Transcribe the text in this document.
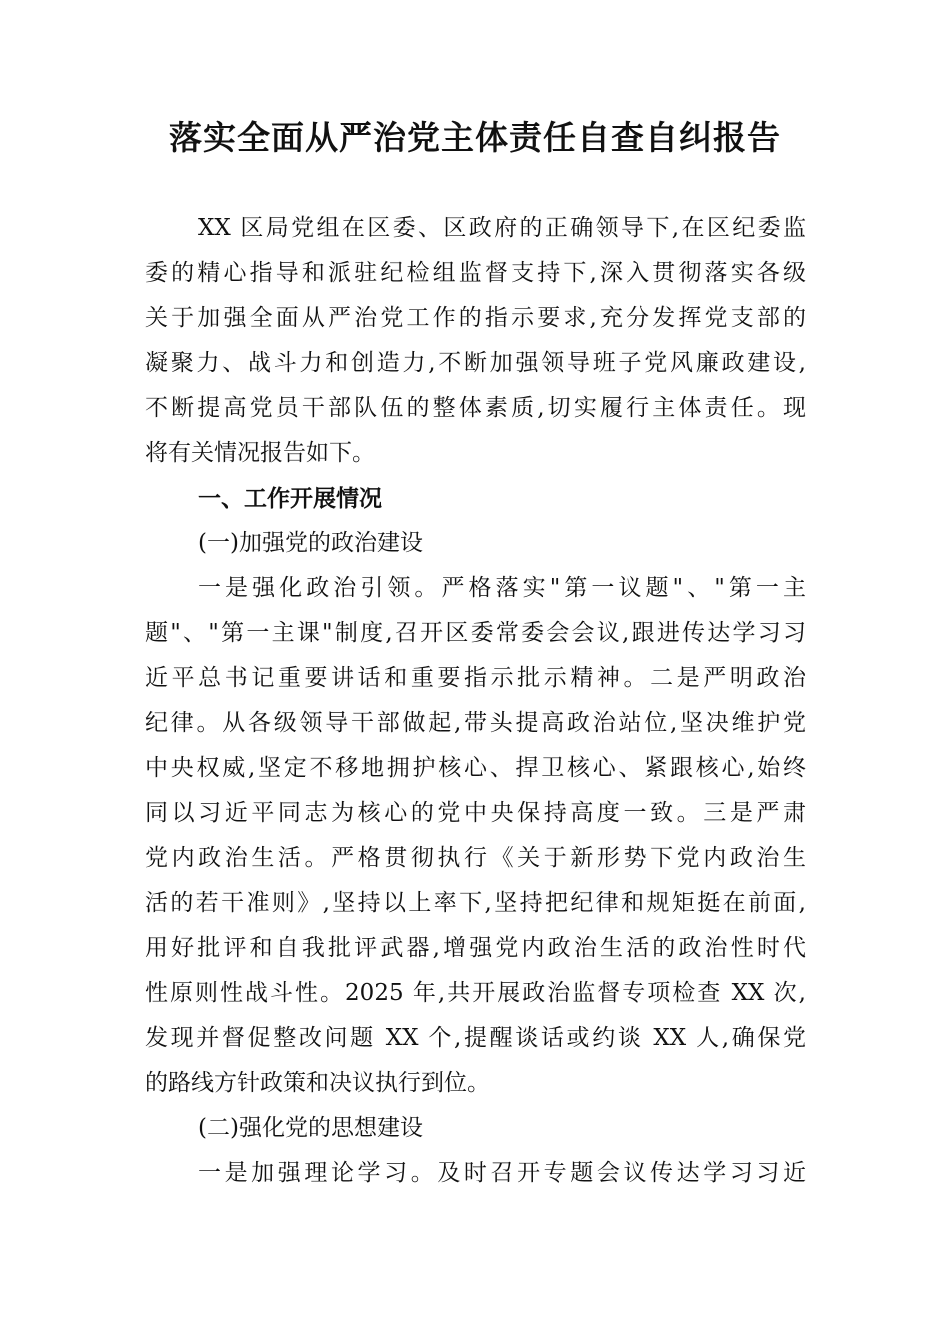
落实全面从严治党主体责任自查自纠报告
XX 区局党组在区委、区政府的正确领导下,在区纪委监
委的精心指导和派驻纪检组监督支持下,深入贯彻落实各级
关于加强全面从严治党工作的指示要求,充分发挥党支部的
凝聚力、战斗力和创造力,不断加强领导班子党风廉政建设,
不断提高党员干部队伍的整体素质,切实履行主体责任。现
将有关情况报告如下。
一、工作开展情况
(一)加强党的政治建设
一是强化政治引领。严格落实"第一议题"、"第一主
题"、"第一主课"制度,召开区委常委会会议,跟进传达学习习
近平总书记重要讲话和重要指示批示精神。二是严明政治
纪律。从各级领导干部做起,带头提高政治站位,坚决维护党
中央权威,坚定不移地拥护核心、捍卫核心、紧跟核心,始终
同以习近平同志为核心的党中央保持高度一致。三是严肃
党内政治生活。严格贯彻执行《关于新形势下党内政治生
活的若干准则》,坚持以上率下,坚持把纪律和规矩挺在前面,
用好批评和自我批评武器,增强党内政治生活的政治性时代
性原则性战斗性。2025 年,共开展政治监督专项检查 XX 次,
发现并督促整改问题 XX 个,提醒谈话或约谈 XX 人,确保党
的路线方针政策和决议执行到位。
(二)强化党的思想建设
一是加强理论学习。及时召开专题会议传达学习习近
